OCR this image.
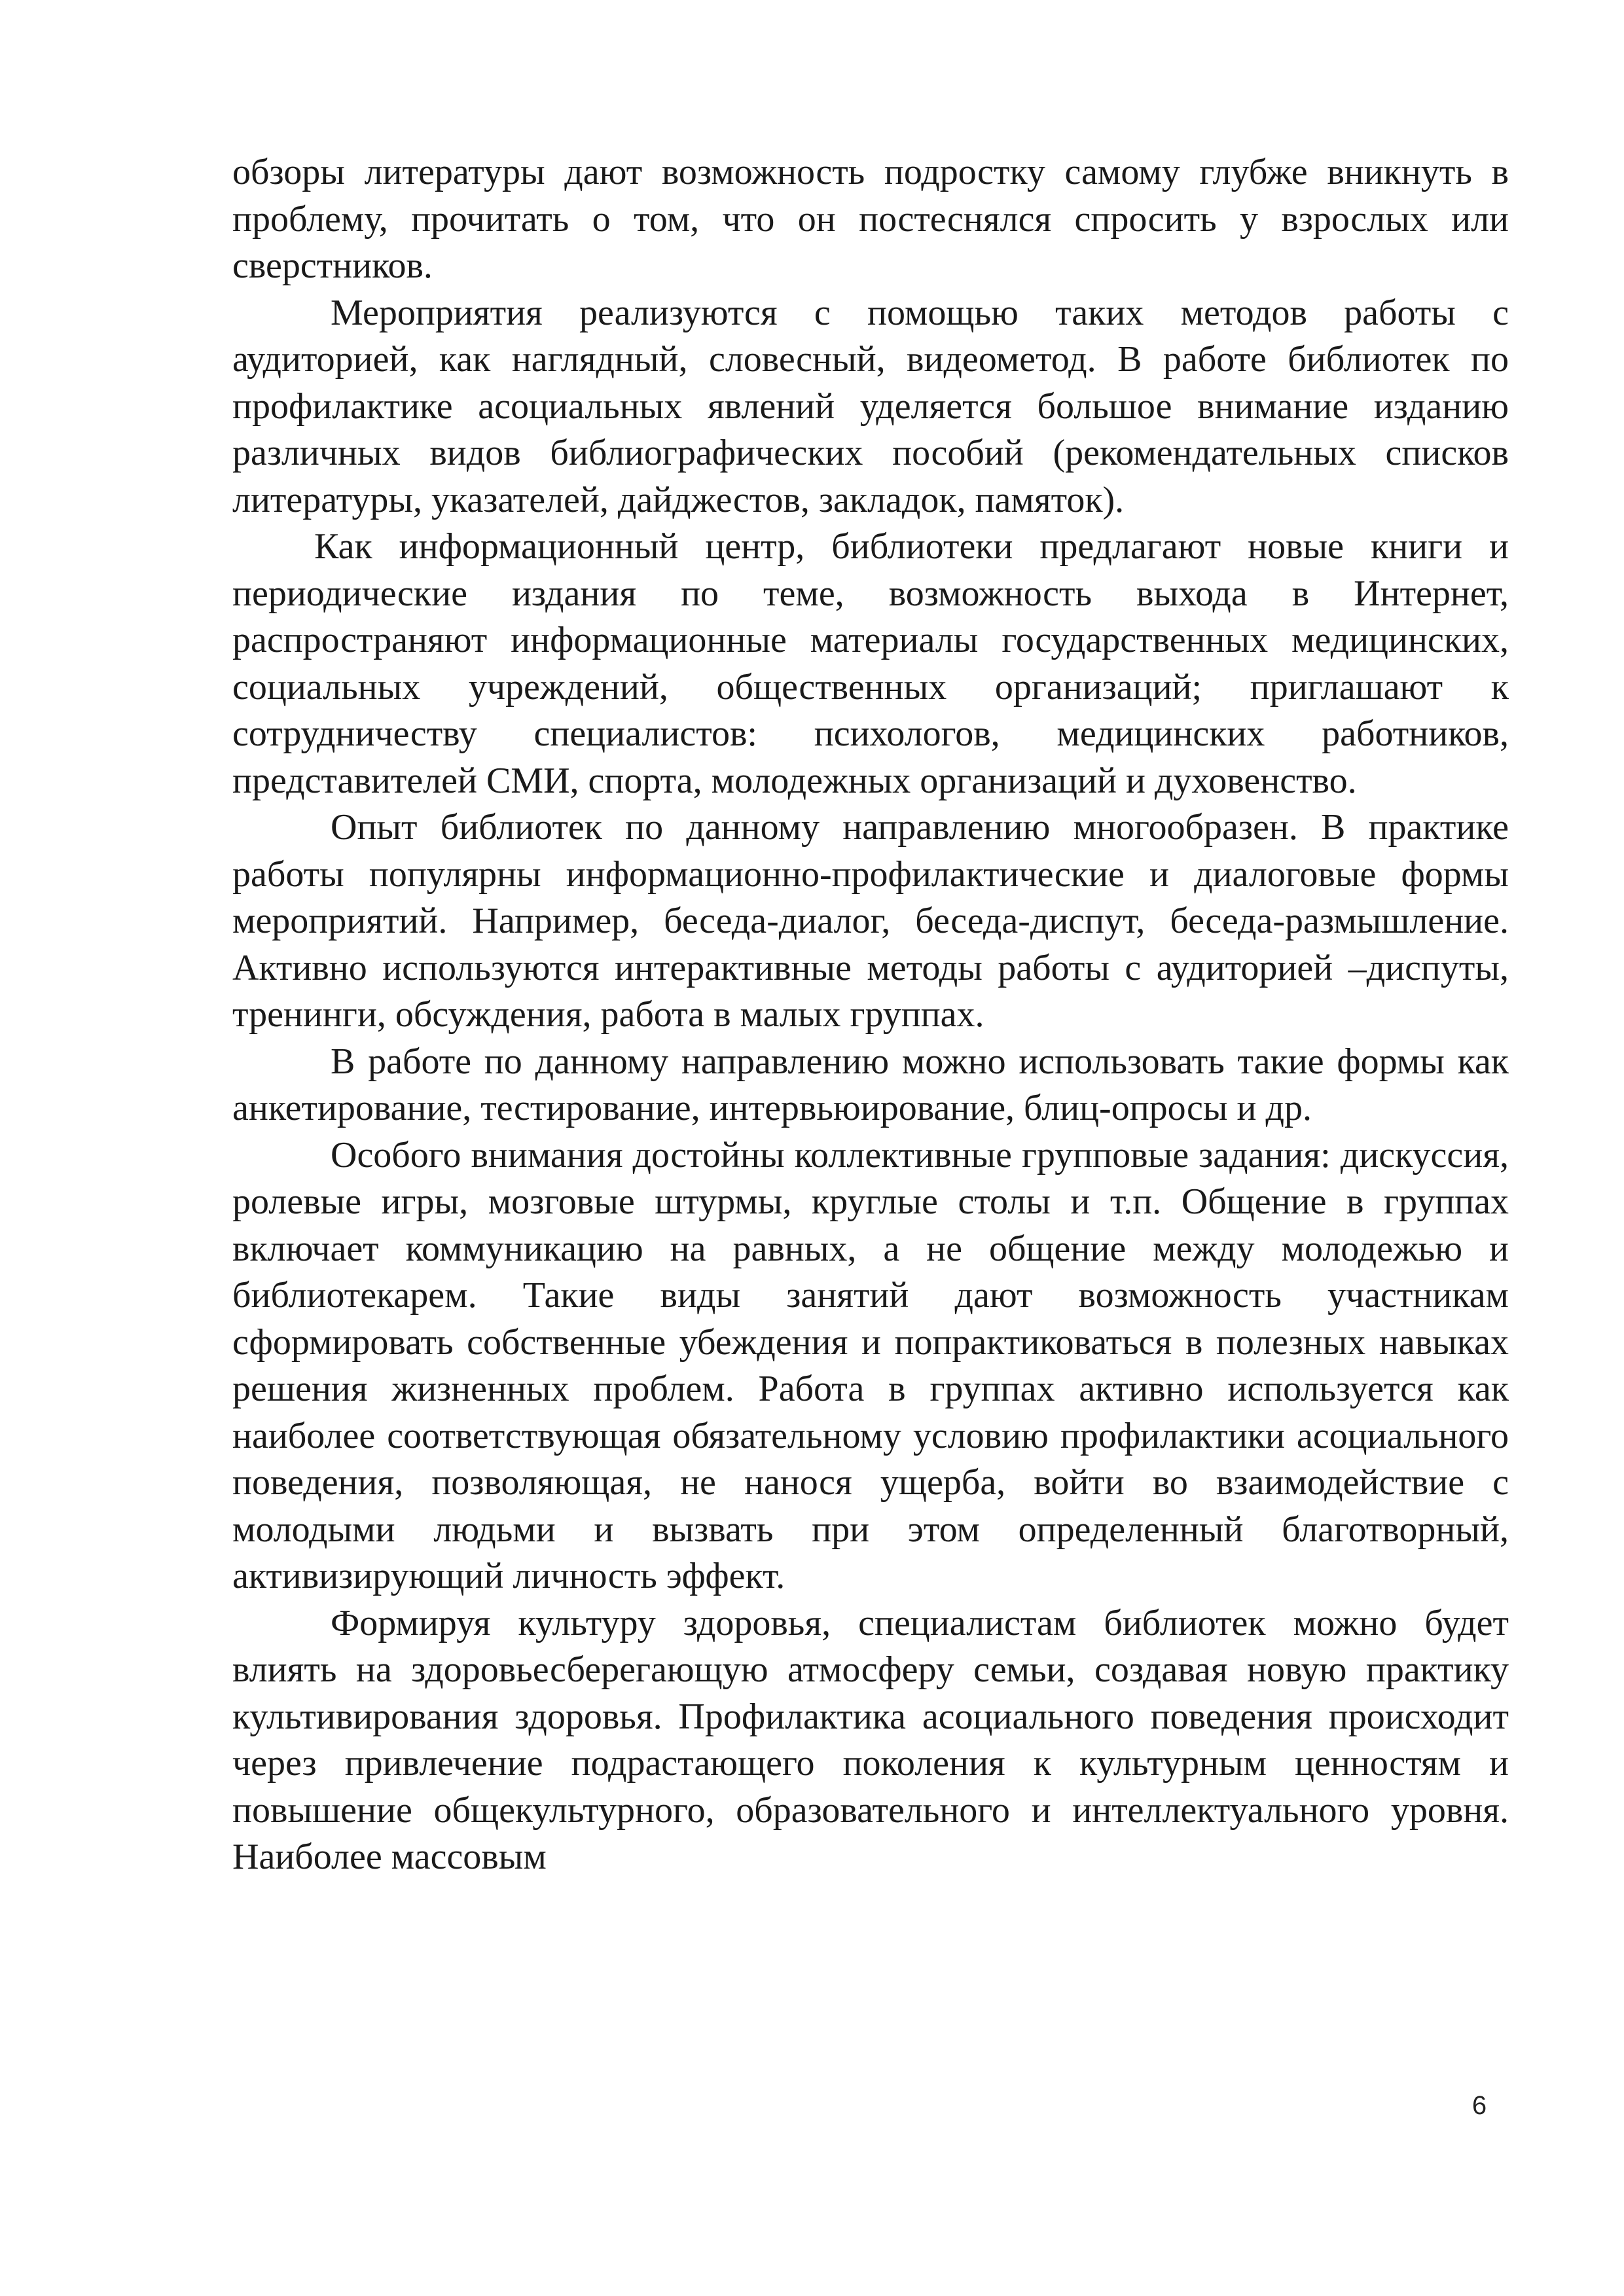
обзоры литературы дают возможность подростку самому глубже вникнуть в проблему, прочитать о том, что он постеснялся спросить у взрослых или сверстников.

Мероприятия реализуются с помощью таких методов работы с аудиторией, как наглядный, словесный, видеометод. В работе библиотек по профилактике асоциальных явлений уделяется большое внимание изданию различных видов библиографических пособий (рекомендательных списков литературы, указателей, дайджестов, закладок, памяток).

Как информационный центр, библиотеки предлагают новые книги и периодические издания по теме, возможность выхода в Интернет, распространяют информационные материалы государственных медицинских, социальных учреждений, общественных организаций; приглашают к сотрудничеству специалистов: психологов, медицинских работников, представителей СМИ, спорта, молодежных организаций и духовенство.

Опыт библиотек по данному направлению многообразен. В практике работы популярны информационно-профилактические и диалоговые формы мероприятий. Например, беседа-диалог, беседа-диспут, беседа-размышление. Активно используются интерактивные методы работы с аудиторией –диспуты, тренинги, обсуждения, работа в малых группах.

В работе по данному направлению можно использовать такие формы как анкетирование, тестирование, интервьюирование, блиц-опросы и др.

Особого внимания достойны коллективные групповые задания: дискуссия, ролевые игры, мозговые штурмы, круглые столы и т.п. Общение в группах включает коммуникацию на равных, а не общение между молодежью и библиотекарем. Такие виды занятий дают возможность участникам сформировать собственные убеждения и попрактиковаться в полезных навыках решения жизненных проблем. Работа в группах активно используется как наиболее соответствующая обязательному условию профилактики асоциального поведения, позволяющая, не нанося ущерба, войти во взаимодействие с молодыми людьми и вызвать при этом определенный благотворный, активизирующий личность эффект.

Формируя культуру здоровья, специалистам библиотек можно будет влиять на здоровьесберегающую атмосферу семьи, создавая новую практику культивирования здоровья. Профилактика асоциального поведения происходит через привлечение подрастающего поколения к культурным ценностям и повышение общекультурного, образовательного и интеллектуального уровня. Наиболее массовым

6
